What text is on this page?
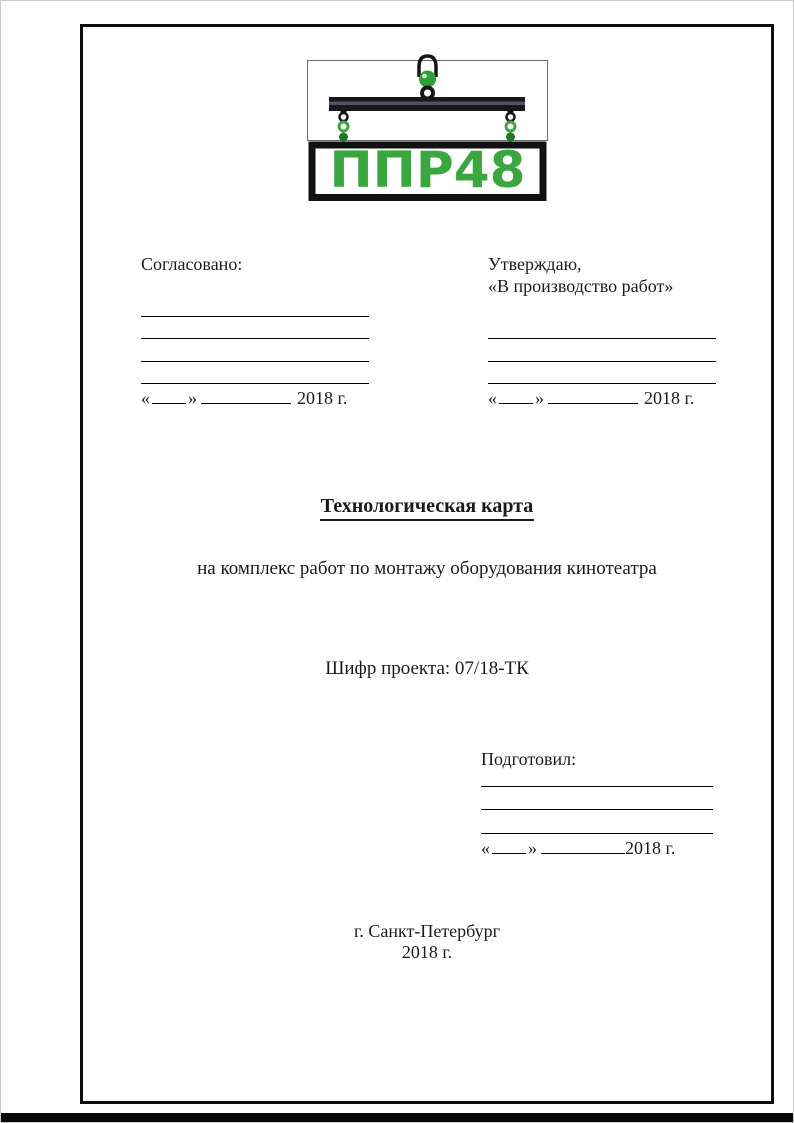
ППР48
Согласовано:
« »	2018 г.
Утверждаю,
«В производство работ»
« »	2018 г.
Технологическая карта
на комплекс работ по монтажу оборудования кинотеатра
Шифр проекта: 07/18-ТК
Подготовил:
« »	2018 г.
г. Санкт-Петербург
2018 г.
